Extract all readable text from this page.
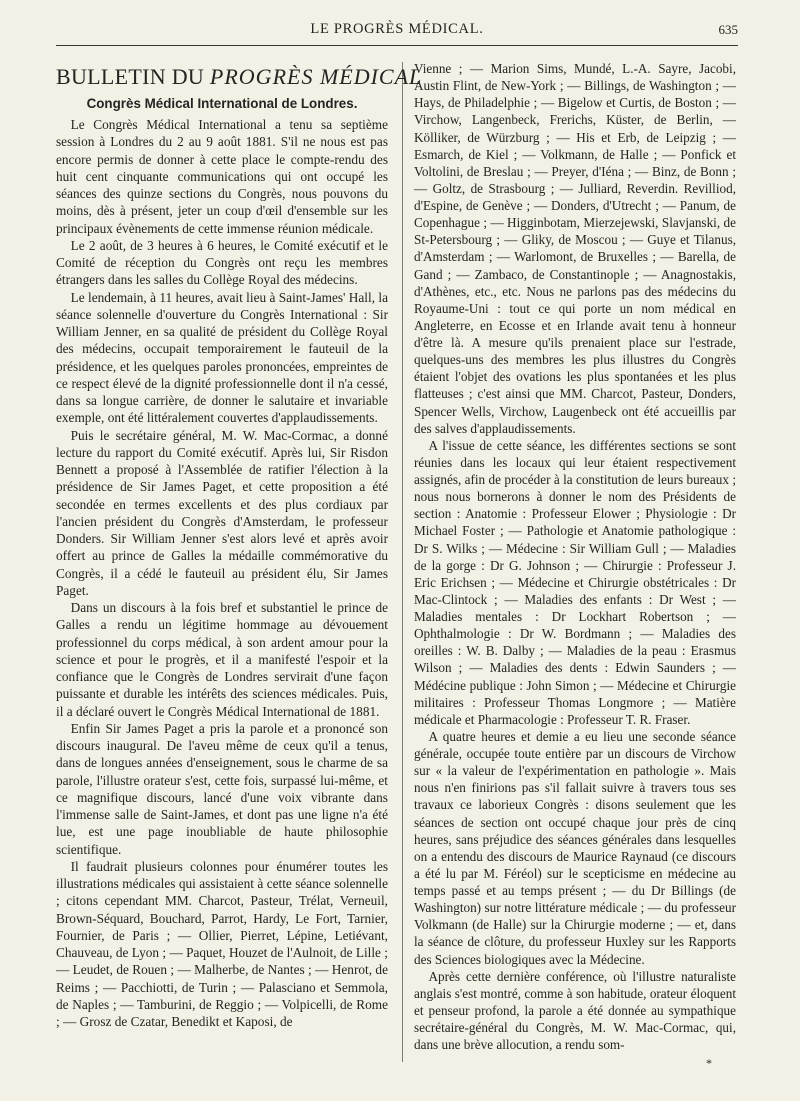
LE PROGRÈS MÉDICAL.	635
BULLETIN DU PROGRÈS MÉDICAL
Congrès Médical International de Londres.

Le Congrès Médical International a tenu sa septième session à Londres du 2 au 9 août 1881. S'il ne nous est pas encore permis de donner à cette place le compte-rendu des huit cent cinquante communications qui ont occupé les séances des quinze sections du Congrès, nous pouvons du moins, dès à présent, jeter un coup d'œil d'ensemble sur les principaux évènements de cette immense réunion médicale.

Le 2 août, de 3 heures à 6 heures, le Comité exécutif et le Comité de réception du Congrès ont reçu les membres étrangers dans les salles du Collège Royal des médecins.

Le lendemain, à 11 heures, avait lieu à Saint-James' Hall, la séance solennelle d'ouverture du Congrès International : Sir William Jenner, en sa qualité de président du Collège Royal des médecins, occupait temporairement le fauteuil de la présidence, et les quelques paroles prononcées, empreintes de ce respect élevé de la dignité professionnelle dont il n'a cessé, dans sa longue carrière, de donner le salutaire et invariable exemple, ont été littéralement couvertes d'applaudissements.

Puis le secrétaire général, M. W. Mac-Cormac, a donné lecture du rapport du Comité exécutif. Après lui, Sir Risdon Bennett a proposé à l'Assemblée de ratifier l'élection à la présidence de Sir James Paget, et cette proposition a été secondée en termes excellents et des plus cordiaux par l'ancien président du Congrès d'Amsterdam, le professeur Donders. Sir William Jenner s'est alors levé et après avoir offert au prince de Galles la médaille commémorative du Congrès, il a cédé le fauteuil au président élu, Sir James Paget.

Dans un discours à la fois bref et substantiel le prince de Galles a rendu un légitime hommage au dévouement professionnel du corps médical, à son ardent amour pour la science et pour le progrès, et il a manifesté l'espoir et la confiance que le Congrès de Londres servirait d'une façon puissante et durable les intérêts des sciences médicales. Puis, il a déclaré ouvert le Congrès Médical International de 1881.

Enfin Sir James Paget a pris la parole et a prononcé son discours inaugural. De l'aveu même de ceux qu'il a tenus, dans de longues années d'enseignement, sous le charme de sa parole, l'illustre orateur s'est, cette fois, surpassé lui-même, et ce magnifique discours, lancé d'une voix vibrante dans l'immense salle de Saint-James, et dont pas une ligne n'a été lue, est une page inoubliable de haute philosophie scientifique.

Il faudrait plusieurs colonnes pour énumérer toutes les illustrations médicales qui assistaient à cette séance solennelle ; citons cependant MM. Charcot, Pasteur, Trélat, Verneuil, Brown-Séquard, Bouchard, Parrot, Hardy, Le Fort, Tarnier, Fournier, de Paris ; — Ollier, Pierret, Lépine, Letiévant, Chauveau, de Lyon ; — Paquet, Houzet de l'Aulnoit, de Lille ; — Leudet, de Rouen ; — Malherbe, de Nantes ; — Henrot, de Reims ; — Pacchiotti, de Turin ; — Palasciano et Semmola, de Naples ; — Tamburini, de Reggio ; — Volpicelli, de Rome ; — Grosz de Czatar, Benedikt et Kaposi, de

Vienne ; — Marion Sims, Mundé, L.-A. Sayre, Jacobi, Austin Flint, de New-York ; — Billings, de Washington ; — Hays, de Philadelphie ; — Bigelow et Curtis, de Boston ; — Virchow, Langenbeck, Frerichs, Küster, de Berlin, — Kölliker, de Würzburg ; — His et Erb, de Leipzig ; — Esmarch, de Kiel ; — Volkmann, de Halle ; — Ponfick et Voltolini, de Breslau ; — Preyer, d'Iéna ; — Binz, de Bonn ; — Goltz, de Strasbourg ; — Julliard, Reverdin. Revilliod, d'Espine, de Genève ; — Donders, d'Utrecht ; — Panum, de Copenhague ; — Higginbotam, Mierzejewski, Slavjanski, de St-Petersbourg ; — Gliky, de Moscou ; — Guye et Tilanus, d'Amsterdam ; — Warlomont, de Bruxelles ; — Barella, de Gand ; — Zambaco, de Constantinople ; — Anagnostakis, d'Athènes, etc., etc. Nous ne parlons pas des médecins du Royaume-Uni : tout ce qui porte un nom médical en Angleterre, en Ecosse et en Irlande avait tenu à honneur d'être là. A mesure qu'ils prenaient place sur l'estrade, quelques-uns des membres les plus illustres du Congrès étaient l'objet des ovations les plus spontanées et les plus flatteuses ; c'est ainsi que MM. Charcot, Pasteur, Donders, Spencer Wells, Virchow, Laugenbeck ont été accueillis par des salves d'applaudissements.

A l'issue de cette séance, les différentes sections se sont réunies dans les locaux qui leur étaient respectivement assignés, afin de procéder à la constitution de leurs bureaux ; nous nous bornerons à donner le nom des Présidents de section : Anatomie : Professeur Elower ; Physiologie : Dr Michael Foster ; — Pathologie et Anatomie pathologique : Dr S. Wilks ; — Médecine : Sir William Gull ; — Maladies de la gorge : Dr G. Johnson ; — Chirurgie : Professeur J. Eric Erichsen ; — Médecine et Chirurgie obstétricales : Dr Mac-Clintock ; — Maladies des enfants : Dr West ; — Maladies mentales : Dr Lockhart Robertson ; — Ophthalmologie : Dr W. Bordmann ; — Maladies des oreilles : W. B. Dalby ; — Maladies de la peau : Erasmus Wilson ; — Maladies des dents : Edwin Saunders ; — Médécine publique : John Simon ; — Médecine et Chirurgie militaires : Professeur Thomas Longmore ; — Matière médicale et Pharmacologie : Professeur T. R. Fraser.

A quatre heures et demie a eu lieu une seconde séance générale, occupée toute entière par un discours de Virchow sur « la valeur de l'expérimentation en pathologie ». Mais nous n'en finirions pas s'il fallait suivre à travers tous ses travaux ce laborieux Congrès : disons seulement que les séances de section ont occupé chaque jour près de cinq heures, sans préjudice des séances générales dans lesquelles on a entendu des discours de Maurice Raynaud (ce discours a été lu par M. Féréol) sur le scepticisme en médecine au temps passé et au temps présent ; — du Dr Billings (de Washington) sur notre littérature médicale ; — du professeur Volkmann (de Halle) sur la Chirurgie moderne ; — et, dans la séance de clôture, du professeur Huxley sur les Rapports des Sciences biologiques avec la Médecine.

Après cette dernière conférence, où l'illustre naturaliste anglais s'est montré, comme à son habitude, orateur éloquent et penseur profond, la parole a été donnée au sympathique secrétaire-général du Congrès, M. W. Mac-Cormac, qui, dans une brève allocution, a rendu som-

*
